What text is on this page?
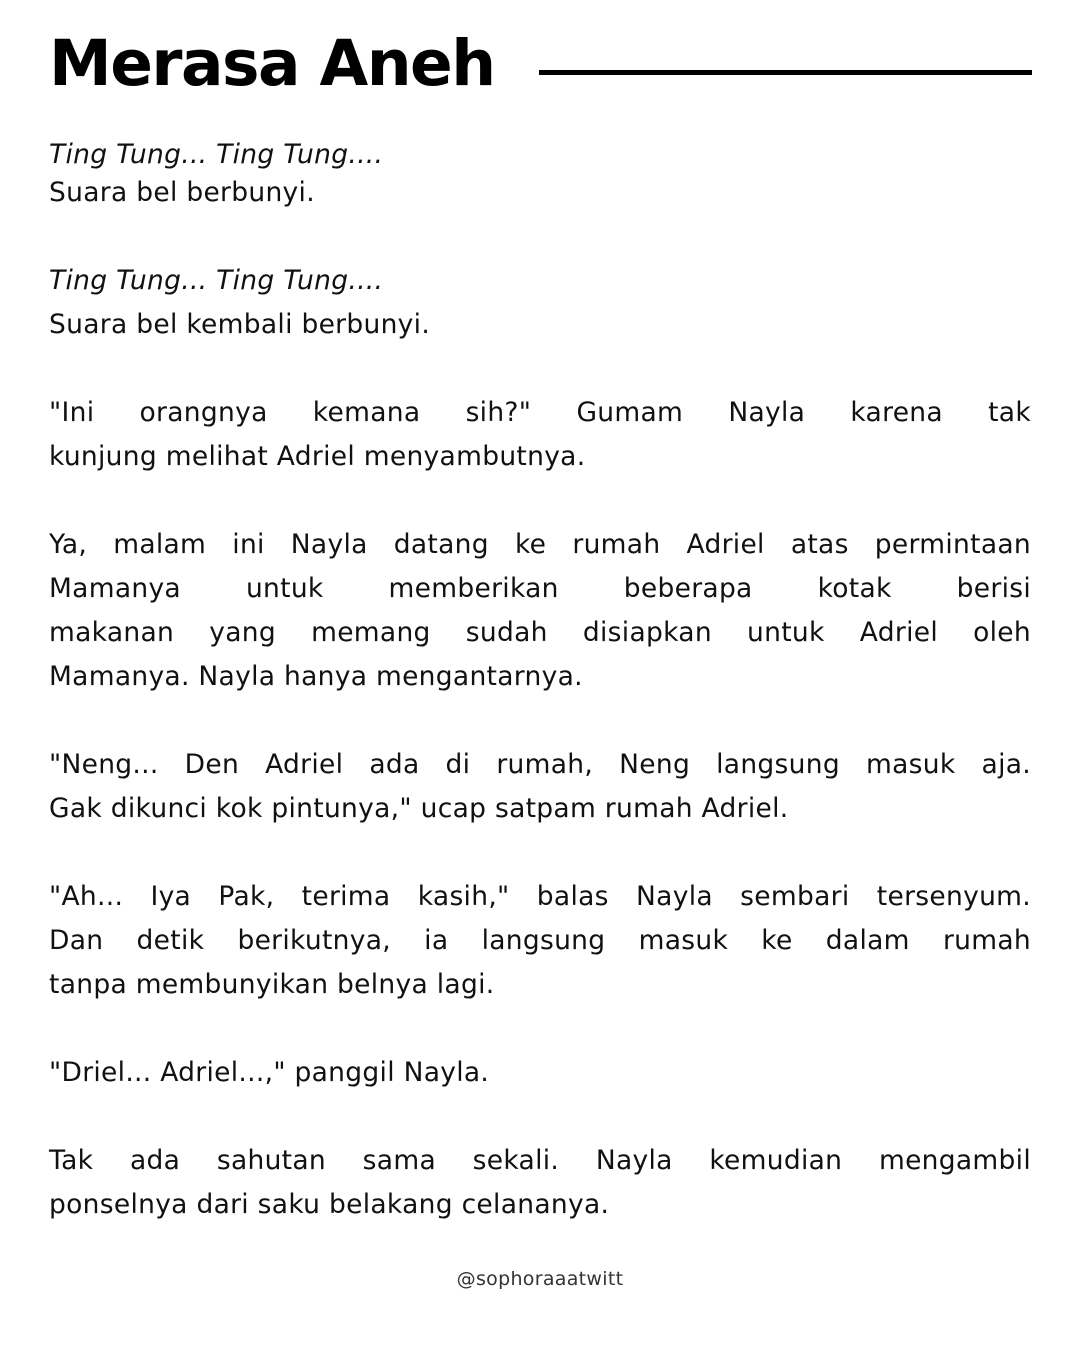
Merasa Aneh
Ting Tung... Ting Tung....
Suara bel berbunyi.
Ting Tung... Ting Tung....
Suara bel kembali berbunyi.
"Ini orangnya kemana sih?" Gumam Nayla karena tak
kunjung melihat Adriel menyambutnya.
Ya, malam ini Nayla datang ke rumah Adriel atas permintaan
Mamanya untuk memberikan beberapa kotak berisi
makanan yang memang sudah disiapkan untuk Adriel oleh
Mamanya. Nayla hanya mengantarnya.
"Neng... Den Adriel ada di rumah, Neng langsung masuk aja.
Gak dikunci kok pintunya," ucap satpam rumah Adriel.
"Ah... Iya Pak, terima kasih," balas Nayla sembari tersenyum.
Dan detik berikutnya, ia langsung masuk ke dalam rumah
tanpa membunyikan belnya lagi.
"Driel... Adriel...," panggil Nayla.
Tak ada sahutan sama sekali. Nayla kemudian mengambil
ponselnya dari saku belakang celananya.
@sophoraaatwitt
